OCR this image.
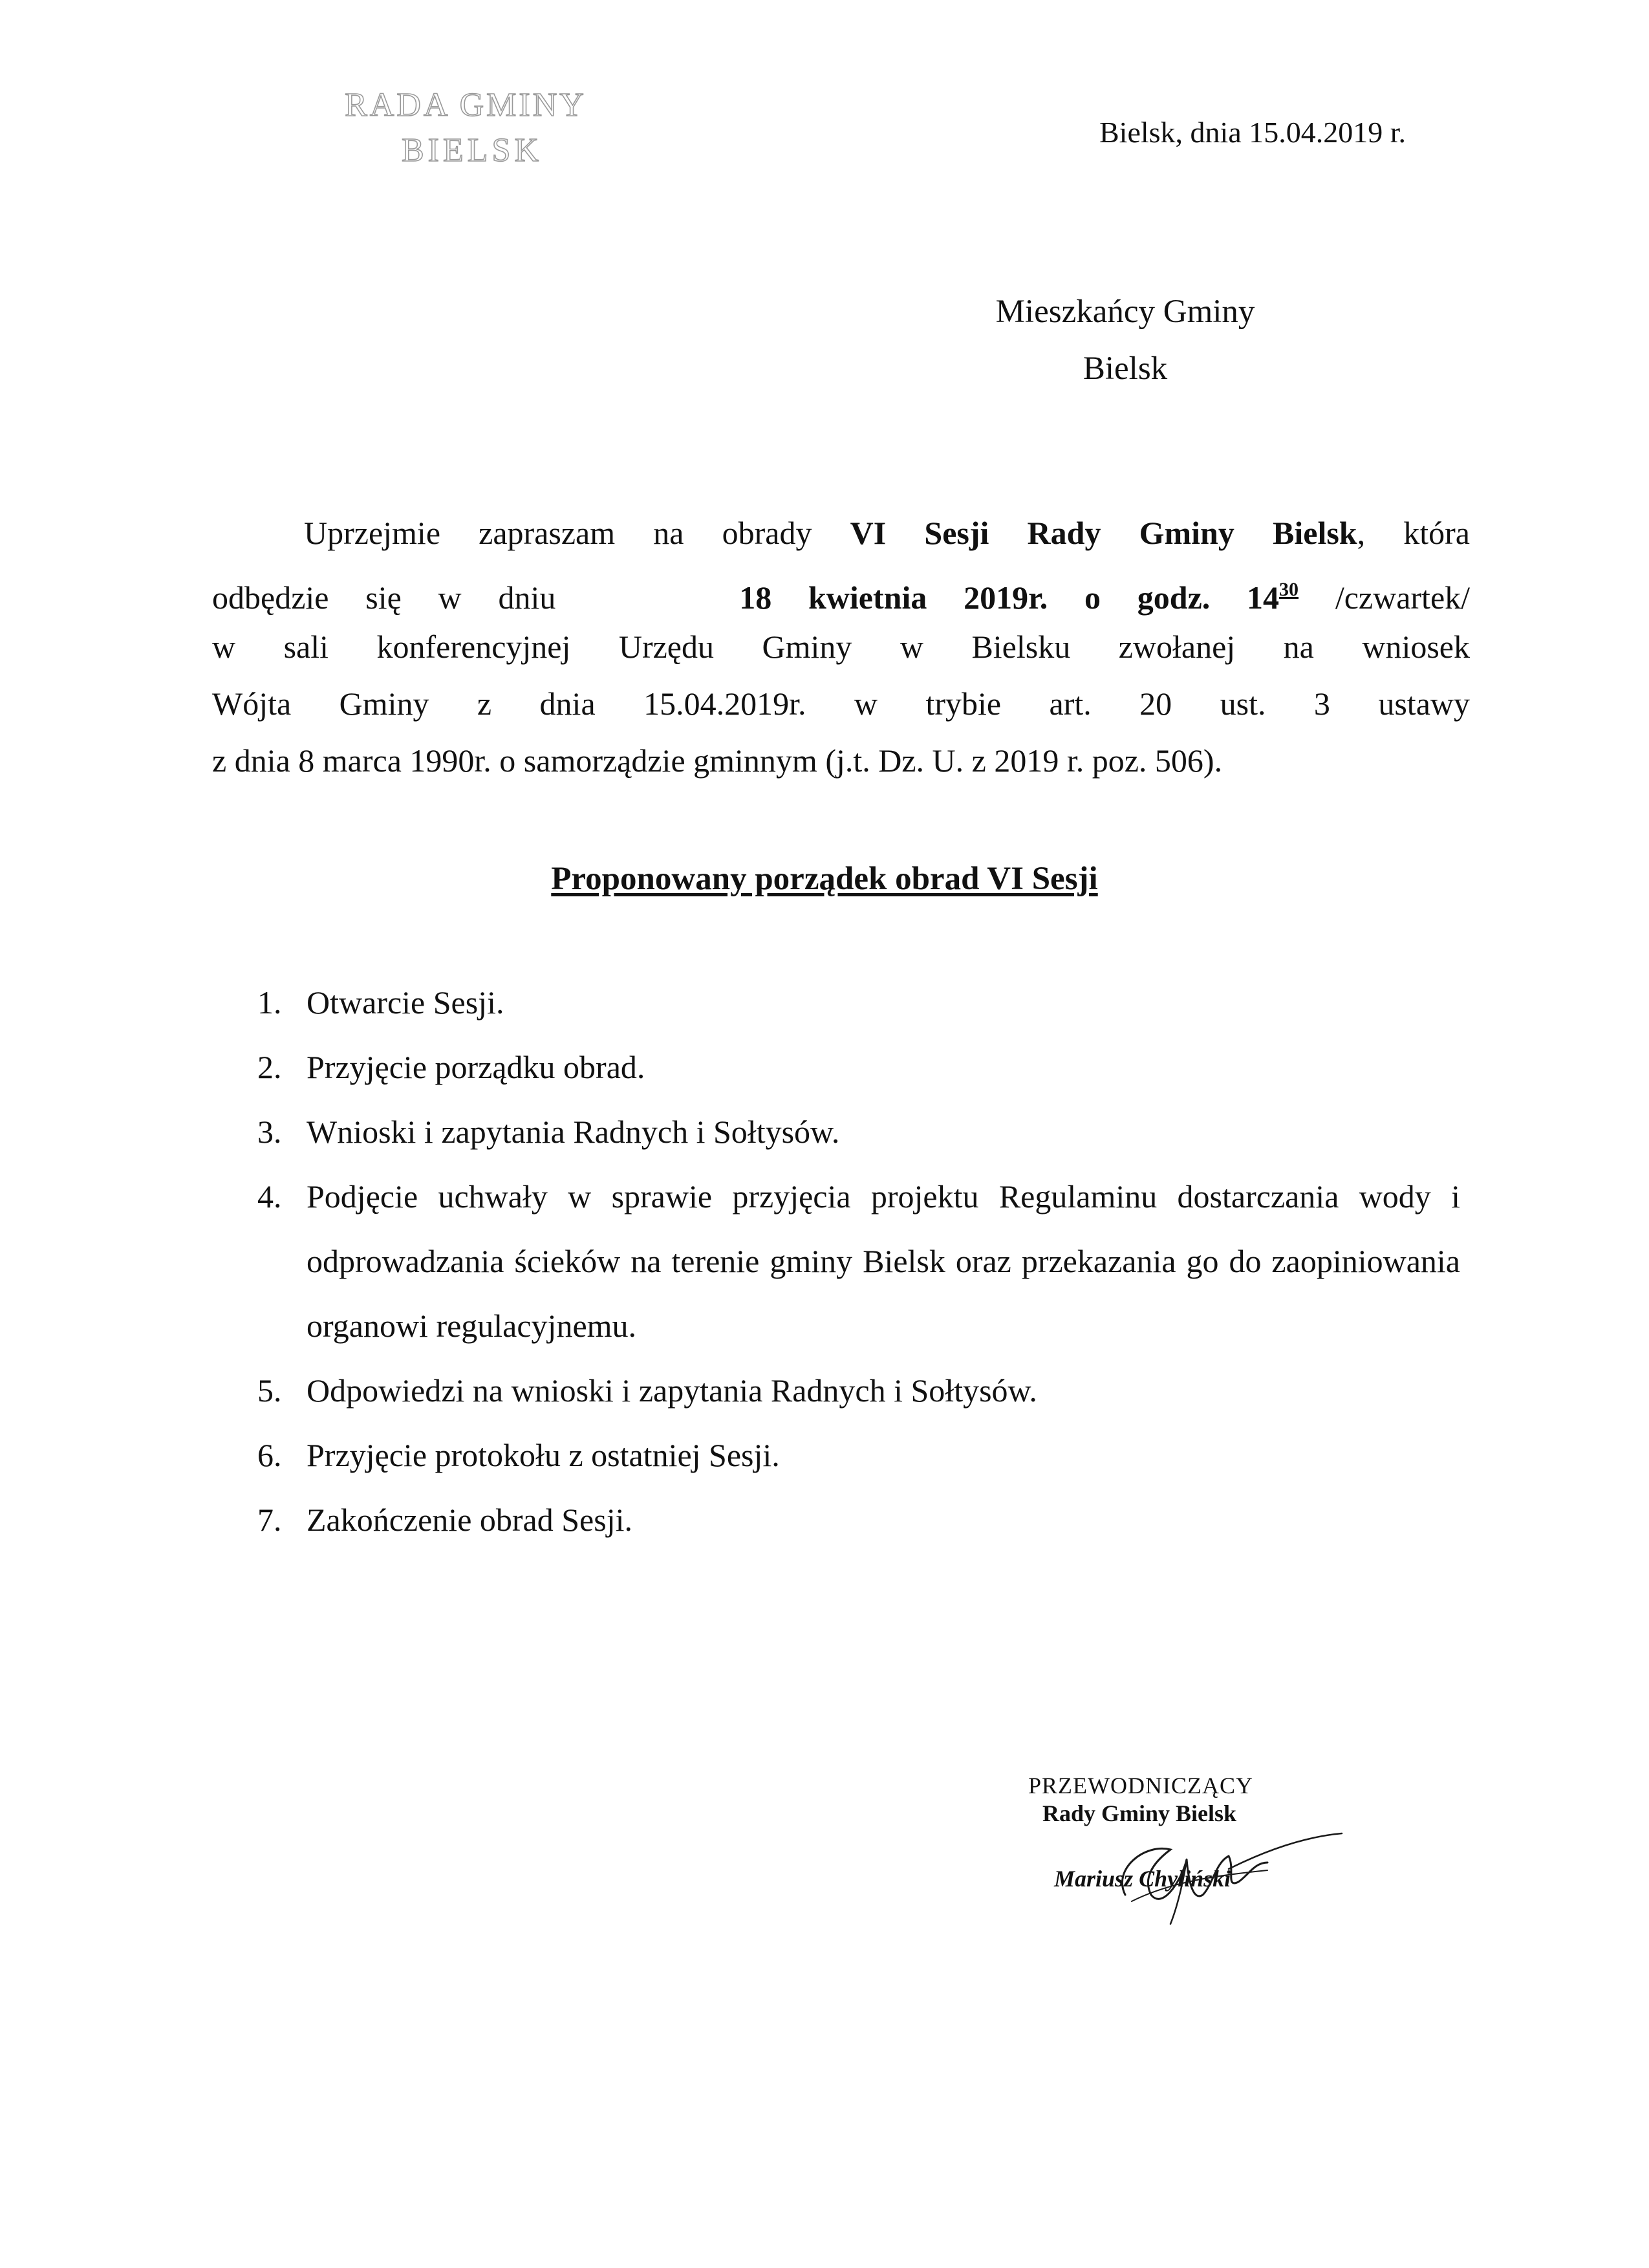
RADA GMINY
BIELSK	Bielsk, dnia 15.04.2019 r.
Mieszkańcy Gminy
Bielsk
Uprzejmie zapraszam na obrady VI Sesji Rady Gminy Bielsk, która
odbędzie się w dniu	18 kwietnia 2019r. o godz. $14^{30}$ /czwartek/
w sali konferencyjnej Urzędu Gminy w Bielsku zwołanej na wniosek
Wójta Gminy z dnia 15.04.2019r. w trybie art. 20 ust. 3 ustawy
z dnia 8 marca 1990r. o samorządzie gminnym (j.t. Dz. U. z 2019 r. poz. 506).
Proponowany porządek obrad VI Sesji
1. Otwarcie Sesji.
2. Przyjęcie porządku obrad.
3. Wnioski i zapytania Radnych i Sołtysów.
4. Podjęcie uchwały w sprawie przyjęcia projektu Regulaminu dostarczania wody i odprowadzania ścieków na terenie gminy Bielsk oraz przekazania go do zaopiniowania organowi regulacyjnemu.
5. Odpowiedzi na wnioski i zapytania Radnych i Sołtysów.
6. Przyjęcie protokołu z ostatniej Sesji.
7. Zakończenie obrad Sesji.
PRZEWODNICZĄCY
Rady Gminy Bielsk
Mariusz Chyliński
